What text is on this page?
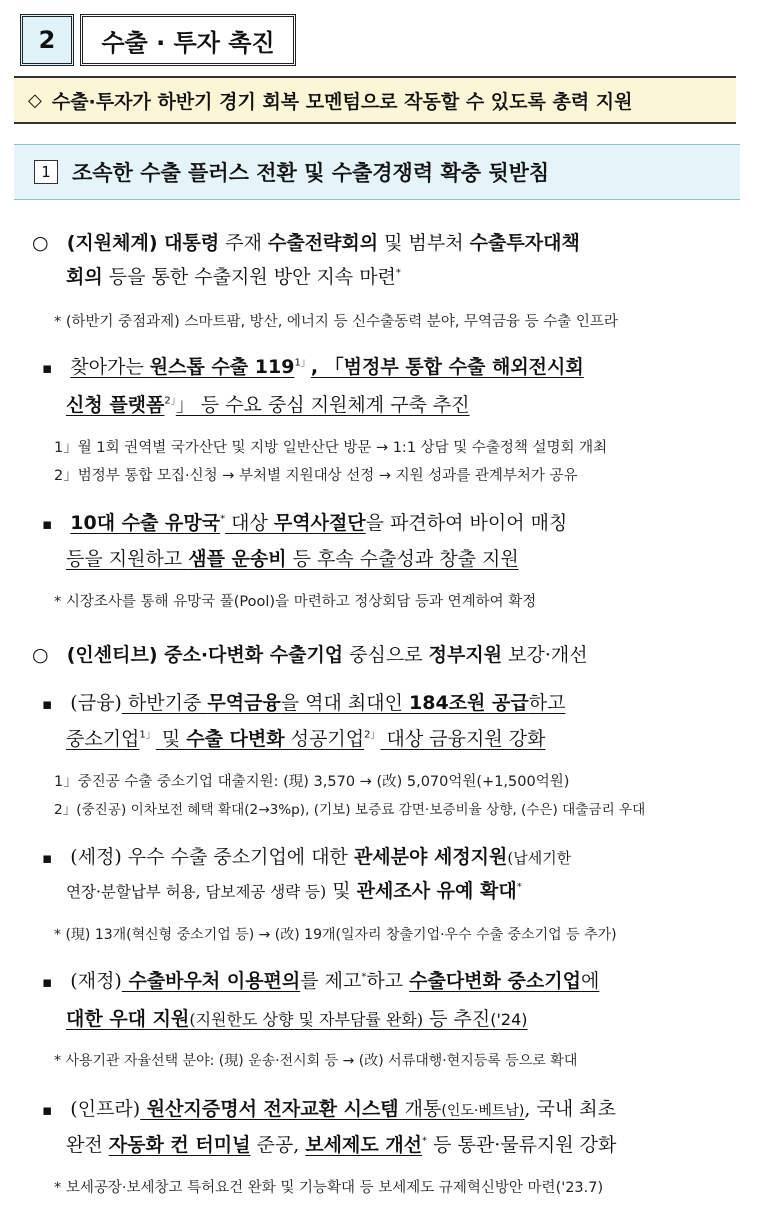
2	수출 · 투자 촉진
◇ 수출·투자가 하반기 경기 회복 모멘텀으로 작동할 수 있도록 총력 지원
1	조속한 수출 플러스 전환 및 수출경쟁력 확충 뒷받침
○ (지원체계) 대통령 주재 수출전략회의 및 범부처 수출투자대책
회의 등을 통한 수출지원 방안 지속 마련*
* (하반기 중점과제) 스마트팜, 방산, 에너지 등 신수출동력 분야, 무역금융 등 수출 인프라
▪ 찾아가는 원스톱 수출 $119^{1」}$, 「범정부 통합 수출 해외전시회
신청 플랫폼$^{2」}$」 등 수요 중심 지원체계 구축 추진
1」월 1회 권역별 국가산단 및 지방 일반산단 방문 → 1:1 상담 및 수출정책 설명회 개최
2」범정부 통합 모집·신청 → 부처별 지원대상 선정 → 지원 성과를 관계부처가 공유
▪ 10대 수출 유망국* 대상 무역사절단을 파견하여 바이어 매칭
등을 지원하고 샘플 운송비 등 후속 수출성과 창출 지원
* 시장조사를 통해 유망국 풀(Pool)을 마련하고 정상회담 등과 연계하여 확정
○ (인센티브) 중소·다변화 수출기업 중심으로 정부지원 보강·개선
▪ (금융) 하반기중 무역금융을 역대 최대인 184조원 공급하고
중소기업$^{1」}$ 및 수출 다변화 성공기업$^{2」}$ 대상 금융지원 강화
1」중진공 수출 중소기업 대출지원: (現) 3,570 → (改) 5,070억원(+1,500억원)
2」(중진공) 이차보전 혜택 확대(2→3%p), (기보) 보증료 감면·보증비율 상향, (수은) 대출금리 우대
▪ (세정) 우수 수출 중소기업에 대한 관세분야 세정지원(납세기한
연장·분할납부 허용, 담보제공 생략 등) 및 관세조사 유예 확대*
* (現) 13개(혁신형 중소기업 등) → (改) 19개(일자리 창출기업·우수 수출 중소기업 등 추가)
▪ (재정) 수출바우처 이용편의를 제고*하고 수출다변화 중소기업에
대한 우대 지원(지원한도 상향 및 자부담률 완화) 등 추진('24)
* 사용기관 자율선택 분야: (現) 운송·전시회 등 → (改) 서류대행·현지등록 등으로 확대
▪ (인프라) 원산지증명서 전자교환 시스템 개통(인도·베트남), 국내 최초
완전 자동화 컨 터미널 준공, 보세제도 개선* 등 통관·물류지원 강화
* 보세공장·보세창고 특허요건 완화 및 기능확대 등 보세제도 규제혁신방안 마련('23.7)
